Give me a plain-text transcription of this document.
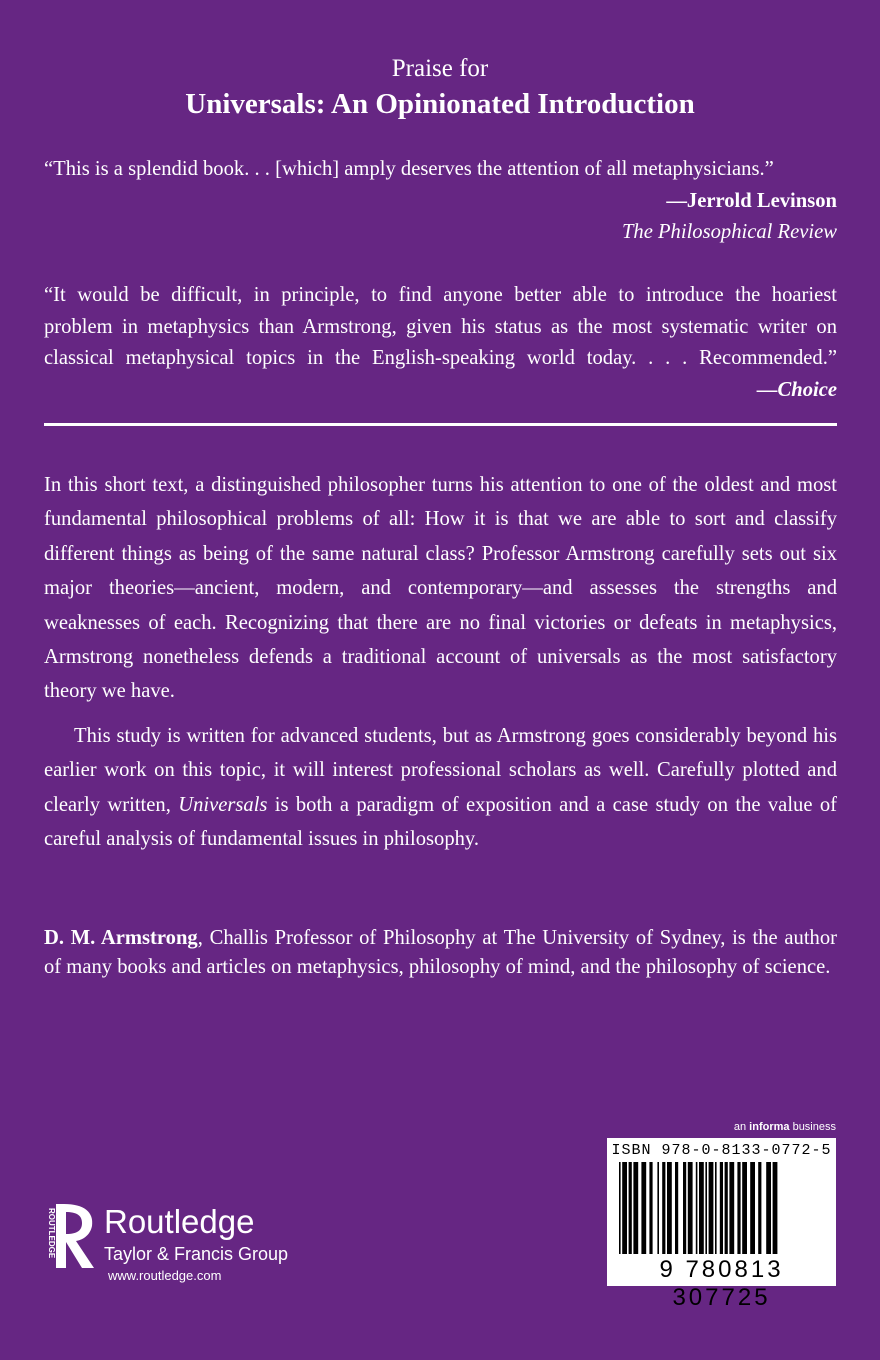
Praise for
Universals: An Opinionated Introduction

“This is a splendid book. . . [which] amply deserves the attention of all metaphysicians.”

—Jerrold Levinson
The Philosophical Review

“It would be difficult, in principle, to find anyone better able to introduce the hoariest

problem in metaphysics than Armstrong, given his status as the most systematic writer on

classical metaphysical topics in the English-speaking world today. . . . Recommended.”

—Choice

In this short text, a distinguished philosopher turns his attention to one of the oldest and most fundamental philosophical problems of all: How it is that we are able to sort and classify different things as being of the same natural class? Professor Armstrong carefully sets out six major theories—ancient, modern, and contemporary—and assesses the strengths and weaknesses of each. Recognizing that there are no final victories or defeats in metaphysics, Armstrong nonetheless defends a traditional account of universals as the most satisfactory theory we have.

This study is written for advanced students, but as Armstrong goes considerably beyond his earlier work on this topic, it will interest professional scholars as well. Carefully plotted and clearly written, Universals is both a paradigm of exposition and a case study on the value of careful analysis of fundamental issues in philosophy.

D. M. Armstrong, Challis Professor of Philosophy at The University of Sydney, is the author of many books and articles on metaphysics, philosophy of mind, and the philosophy of science.
an informa business
ISBN 978-0-8133-0772-5
9 780813 307725
ROUTLEDGE Routledge
Taylor & Francis Group
www.routledge.com
